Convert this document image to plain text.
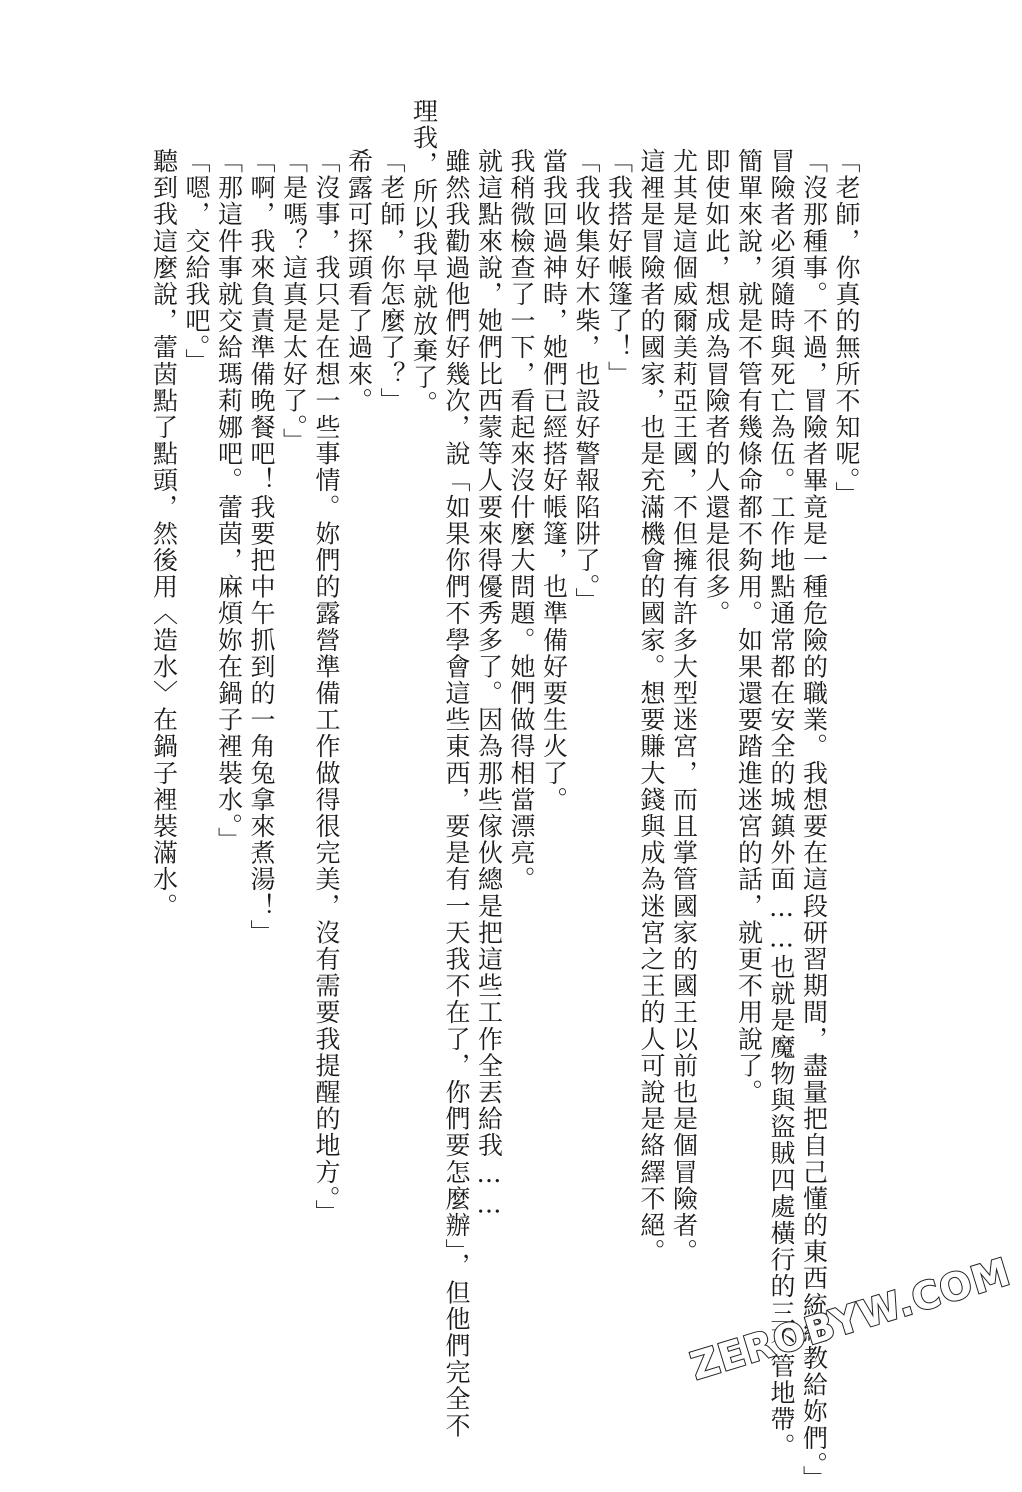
「老師，你真的無所不知呢。」
「沒那種事。不過，冒險者畢竟是一種危險的職業。我想要在這段研習期間，盡量把自己懂的東西統統教給妳們。」
冒險者必須隨時與死亡為伍。工作地點通常都在安全的城鎮外面……也就是魔物與盜賊四處橫行的三不管地帶。
簡單來說，就是不管有幾條命都不夠用。如果還要踏進迷宮的話，就更不用說了。
即使如此，想成為冒險者的人還是很多。
尤其是這個威爾美莉亞王國，不但擁有許多大型迷宮，而且掌管國家的國王以前也是個冒險者。
這裡是冒險者的國家，也是充滿機會的國家。想要賺大錢與成為迷宮之王的人可說是絡繹不絕。
「我搭好帳篷了！」
「我收集好木柴，也設好警報陷阱了。」
當我回過神時，她們已經搭好帳篷，也準備好要生火了。
我稍微檢查了一下，看起來沒什麼大問題。她們做得相當漂亮。
就這點來說，她們比西蒙等人要來得優秀多了。因為那些傢伙總是把這些工作全丟給我……
雖然我勸過他們好幾次，說「如果你們不學會這些東西，要是有一天我不在了，你們要怎麼辦」，但他們完全不
理我，所以我早就放棄了。
「老師，你怎麼了？」
希露可探頭看了過來。
「沒事，我只是在想一些事情。妳們的露營準備工作做得很完美，沒有需要我提醒的地方。」
「是嗎？這真是太好了。」
「啊，我來負責準備晚餐吧！我要把中午抓到的一角兔拿來煮湯！」
「那這件事就交給瑪莉娜吧。蕾茵，麻煩妳在鍋子裡裝水。」
「嗯，交給我吧。」
聽到我這麼說，蕾茵點了點頭，然後用〈造水〉在鍋子裡裝滿水。
ZEROBYW.COM
